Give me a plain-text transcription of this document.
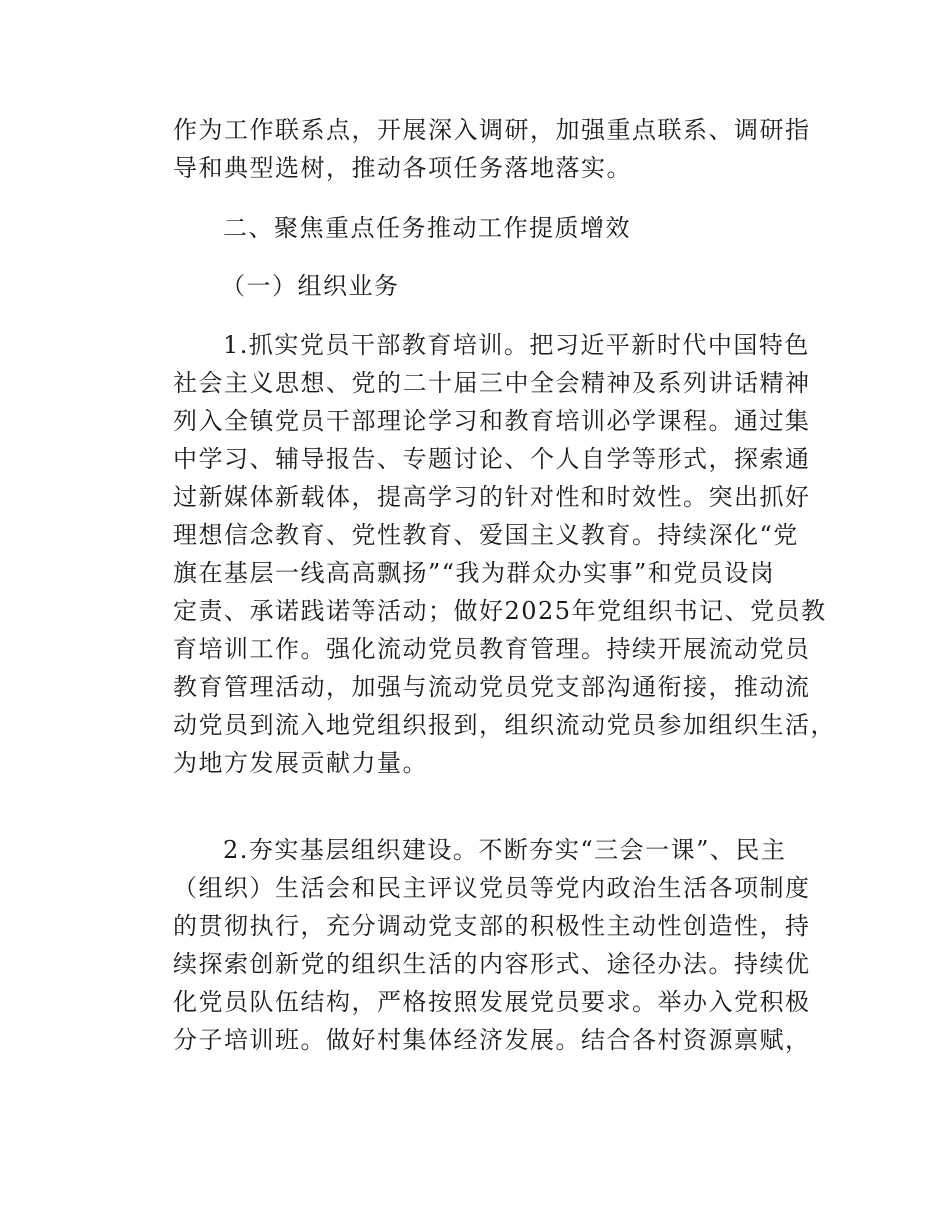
作为工作联系点，开展深入调研，加强重点联系、调研指
导和典型选树，推动各项任务落地落实。
二、聚焦重点任务推动工作提质增效
（一）组织业务
1.抓实党员干部教育培训。把习近平新时代中国特色
社会主义思想、党的二十届三中全会精神及系列讲话精神
列入全镇党员干部理论学习和教育培训必学课程。通过集
中学习、辅导报告、专题讨论、个人自学等形式，探索通
过新媒体新载体，提高学习的针对性和时效性。突出抓好
理想信念教育、党性教育、爱国主义教育。持续深化“党
旗在基层一线高高飘扬”“我为群众办实事”和党员设岗
定责、承诺践诺等活动；做好2025年党组织书记、党员教
育培训工作。强化流动党员教育管理。持续开展流动党员
教育管理活动，加强与流动党员党支部沟通衔接，推动流
动党员到流入地党组织报到，组织流动党员参加组织生活，
为地方发展贡献力量。
2.夯实基层组织建设。不断夯实“三会一课”、民主
（组织）生活会和民主评议党员等党内政治生活各项制度
的贯彻执行，充分调动党支部的积极性主动性创造性，持
续探索创新党的组织生活的内容形式、途径办法。持续优
化党员队伍结构，严格按照发展党员要求。举办入党积极
分子培训班。做好村集体经济发展。结合各村资源禀赋，
